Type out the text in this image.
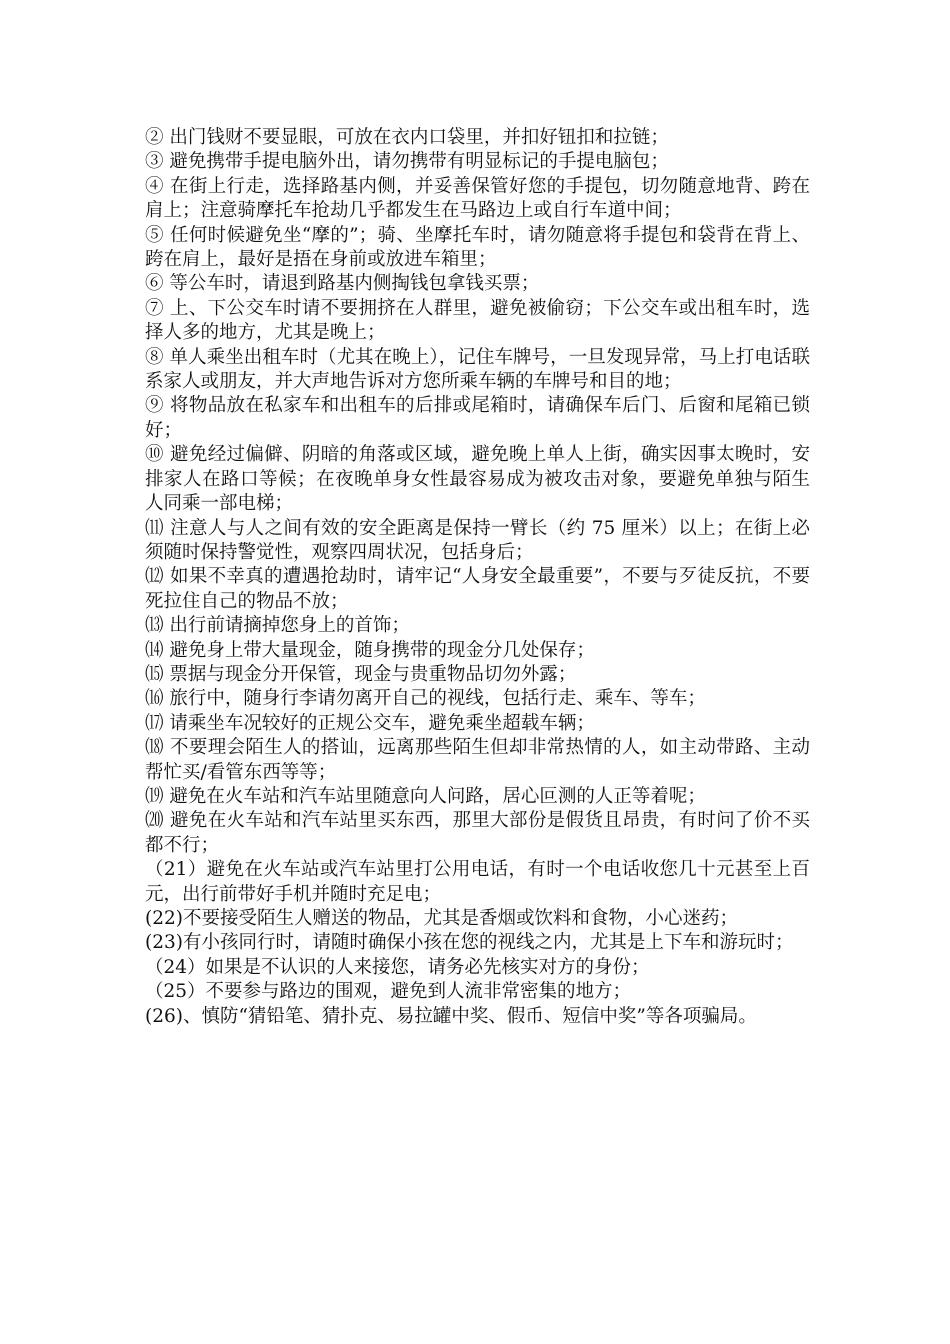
② 出门钱财不要显眼，可放在衣内口袋里，并扣好钮扣和拉链；

③ 避免携带手提电脑外出，请勿携带有明显标记的手提电脑包；

④ 在街上行走，选择路基内侧，并妥善保管好您的手提包，切勿随意地背、跨在肩上；注意骑摩托车抢劫几乎都发生在马路边上或自行车道中间；

⑤ 任何时候避免坐“摩的”；骑、坐摩托车时，请勿随意将手提包和袋背在背上、跨在肩上，最好是捂在身前或放进车箱里；

⑥ 等公车时，请退到路基内侧掏钱包拿钱买票；

⑦ 上、下公交车时请不要拥挤在人群里，避免被偷窃；下公交车或出租车时，选择人多的地方，尤其是晚上；

⑧ 单人乘坐出租车时（尤其在晚上），记住车牌号，一旦发现异常，马上打电话联系家人或朋友，并大声地告诉对方您所乘车辆的车牌号和目的地；

⑨ 将物品放在私家车和出租车的后排或尾箱时，请确保车后门、后窗和尾箱已锁好；

⑩ 避免经过偏僻、阴暗的角落或区域，避免晚上单人上街，确实因事太晚时，安排家人在路口等候；在夜晚单身女性最容易成为被攻击对象，要避免单独与陌生人同乘一部电梯；

⑾ 注意人与人之间有效的安全距离是保持一臂长（约 75 厘米）以上；在街上必须随时保持警觉性，观察四周状况，包括身后；

⑿ 如果不幸真的遭遇抢劫时，请牢记“人身安全最重要”，不要与歹徒反抗，不要死拉住自己的物品不放；

⒀ 出行前请摘掉您身上的首饰；

⒁ 避免身上带大量现金，随身携带的现金分几处保存；

⒂ 票据与现金分开保管，现金与贵重物品切勿外露；

⒃ 旅行中，随身行李请勿离开自己的视线，包括行走、乘车、等车；

⒄ 请乘坐车况较好的正规公交车，避免乘坐超载车辆；

⒅ 不要理会陌生人的搭讪，远离那些陌生但却非常热情的人，如主动带路、主动帮忙买/看管东西等等；

⒆ 避免在火车站和汽车站里随意向人问路，居心叵测的人正等着呢；

⒇ 避免在火车站和汽车站里买东西，那里大部份是假货且昂贵，有时问了价不买都不行；

（21）避免在火车站或汽车站里打公用电话，有时一个电话收您几十元甚至上百元，出行前带好手机并随时充足电；

(22)不要接受陌生人赠送的物品，尤其是香烟或饮料和食物，小心迷药；

(23)有小孩同行时，请随时确保小孩在您的视线之内，尤其是上下车和游玩时；

（24）如果是不认识的人来接您，请务必先核实对方的身份；

（25）不要参与路边的围观，避免到人流非常密集的地方；

(26)、慎防“猜铅笔、猜扑克、易拉罐中奖、假币、短信中奖”等各项骗局。
